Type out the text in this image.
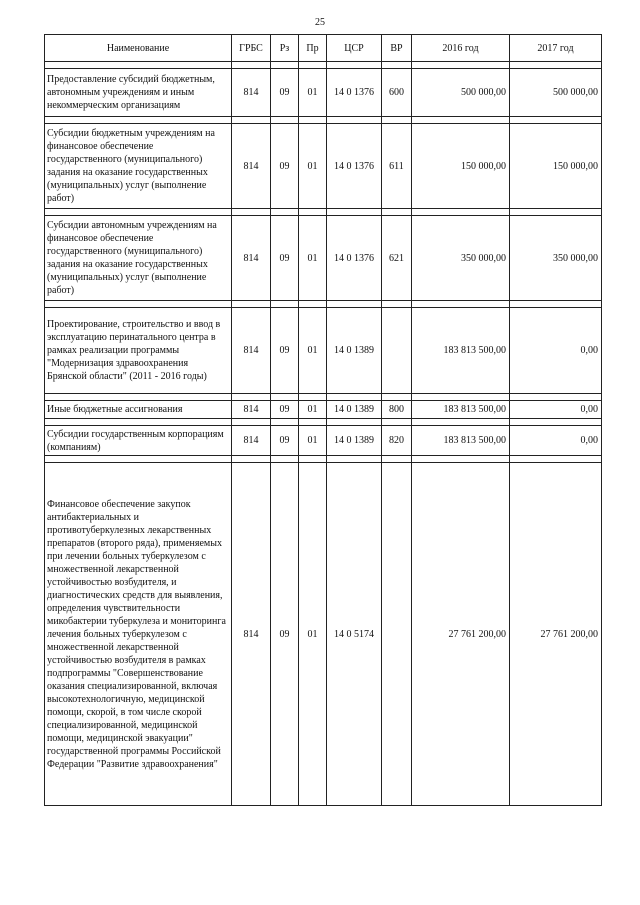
25
Наименование	ГРБС	Рз	Пр	ЦСР	ВР	2016 год	2017 год

Предоставление субсидий бюджетным, автономным учреждениям и иным некоммерческим организациям	814	09	01	14 0 1376	600	500 000,00	500 000,00

Субсидии бюджетным учреждениям на финансовое обеспечение государственного (муниципального) задания на оказание государственных (муниципальных) услуг (выполнение работ)	814	09	01	14 0 1376	611	150 000,00	150 000,00

Субсидии автономным учреждениям на финансовое обеспечение государственного (муниципального) задания на оказание государственных (муниципальных) услуг (выполнение работ)	814	09	01	14 0 1376	621	350 000,00	350 000,00

Проектирование, строительство и ввод в эксплуатацию перинатального центра в рамках реализации программы "Модернизация здравоохранения Брянской области" (2011 - 2016 годы)	814	09	01	14 0 1389		183 813 500,00	0,00

Иные бюджетные ассигнования	814	09	01	14 0 1389	800	183 813 500,00	0,00

Субсидии государственным корпорациям (компаниям)	814	09	01	14 0 1389	820	183 813 500,00	0,00

Финансовое обеспечение закупок антибактериальных и противотуберкулезных лекарственных препаратов (второго ряда), применяемых при лечении больных туберкулезом с множественной лекарственной устойчивостью возбудителя, и диагностических средств для выявления, определения чувствительности микобактерии туберкулеза и мониторинга лечения больных туберкулезом с множественной лекарственной устойчивостью возбудителя в рамках подпрограммы "Совершенствование оказания специализированной, включая высокотехнологичную, медицинской помощи, скорой, в том числе скорой специализированной, медицинской помощи, медицинской эвакуации" государственной программы Российской Федерации "Развитие здравоохранения"	814	09	01	14 0 5174		27 761 200,00	27 761 200,00
